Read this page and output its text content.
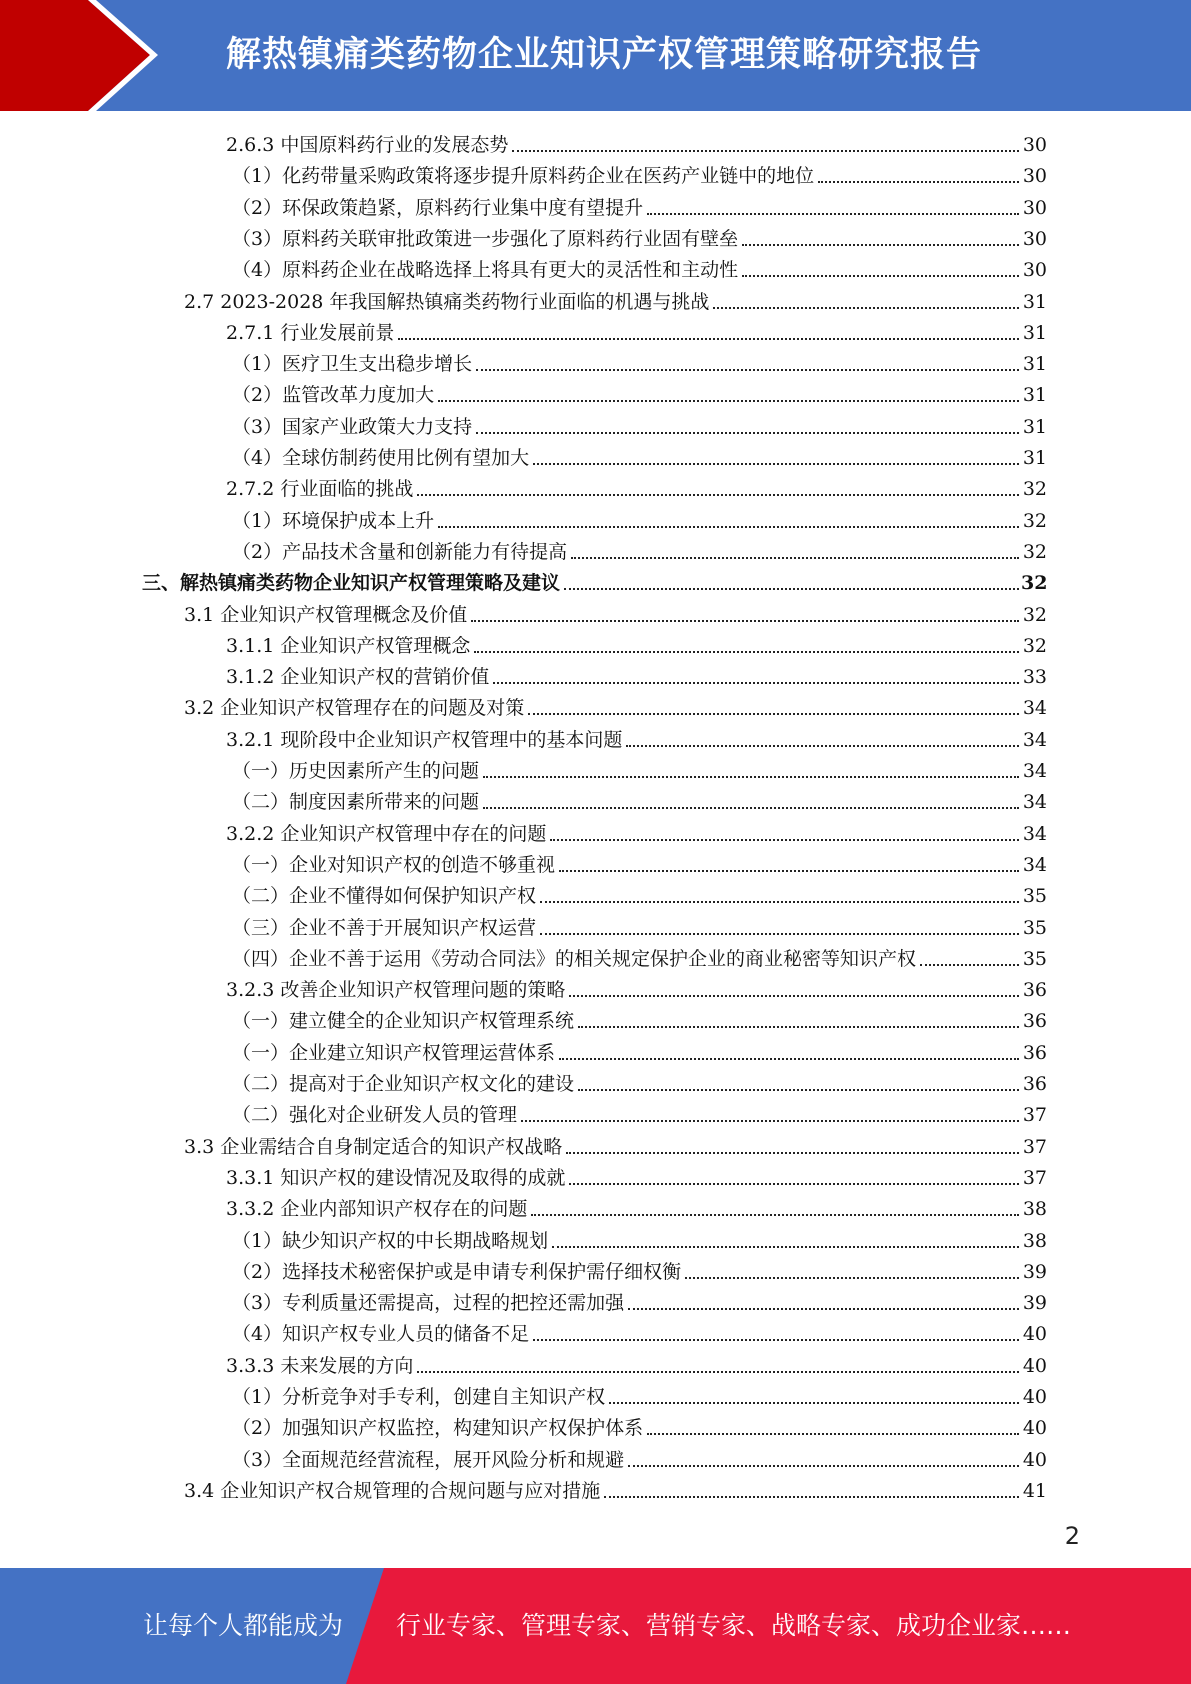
解热镇痛类药物企业知识产权管理策略研究报告
2.6.3 中国原料药行业的发展态势	30
（1）化药带量采购政策将逐步提升原料药企业在医药产业链中的地位	30
（2）环保政策趋紧，原料药行业集中度有望提升	30
（3）原料药关联审批政策进一步强化了原料药行业固有壁垒	30
（4）原料药企业在战略选择上将具有更大的灵活性和主动性	30
2.7 2023-2028 年我国解热镇痛类药物行业面临的机遇与挑战	31
2.7.1 行业发展前景	31
（1）医疗卫生支出稳步增长	31
（2）监管改革力度加大	31
（3）国家产业政策大力支持	31
（4）全球仿制药使用比例有望加大	31
2.7.2 行业面临的挑战	32
（1）环境保护成本上升	32
（2）产品技术含量和创新能力有待提高	32
三、解热镇痛类药物企业知识产权管理策略及建议	32
3.1 企业知识产权管理概念及价值	32
3.1.1 企业知识产权管理概念	32
3.1.2 企业知识产权的营销价值	33
3.2 企业知识产权管理存在的问题及对策	34
3.2.1 现阶段中企业知识产权管理中的基本问题	34
（一）历史因素所产生的问题	34
（二）制度因素所带来的问题	34
3.2.2 企业知识产权管理中存在的问题	34
（一）企业对知识产权的创造不够重视	34
（二）企业不懂得如何保护知识产权	35
（三）企业不善于开展知识产权运营	35
（四）企业不善于运用《劳动合同法》的相关规定保护企业的商业秘密等知识产权	35
3.2.3 改善企业知识产权管理问题的策略	36
（一）建立健全的企业知识产权管理系统	36
（一）企业建立知识产权管理运营体系	36
（二）提高对于企业知识产权文化的建设	36
（二）强化对企业研发人员的管理	37
3.3 企业需结合自身制定适合的知识产权战略	37
3.3.1 知识产权的建设情况及取得的成就	37
3.3.2 企业内部知识产权存在的问题	38
（1）缺少知识产权的中长期战略规划	38
（2）选择技术秘密保护或是申请专利保护需仔细权衡	39
（3）专利质量还需提高，过程的把控还需加强	39
（4）知识产权专业人员的储备不足	40
3.3.3 未来发展的方向	40
（1）分析竞争对手专利，创建自主知识产权	40
（2）加强知识产权监控，构建知识产权保护体系	40
（3）全面规范经营流程，展开风险分析和规避	40
3.4 企业知识产权合规管理的合规问题与应对措施	41
2
让每个人都能成为 行业专家、管理专家、营销专家、战略专家、成功企业家……
